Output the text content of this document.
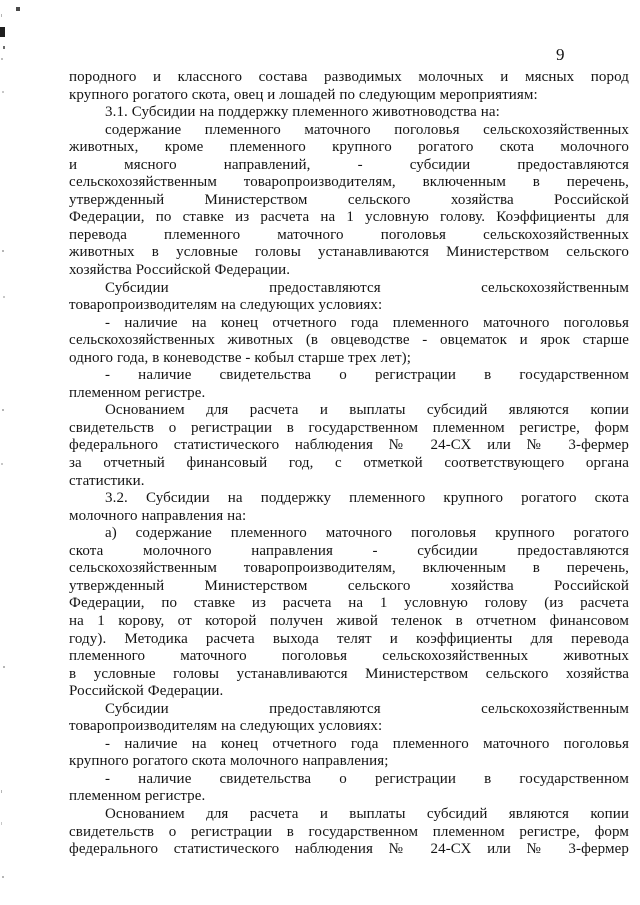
9
породного и классного состава разводимых молочных и мясных пород
крупного рогатого скота, овец и лошадей по следующим мероприятиям:
3.1. Субсидии на поддержку племенного животноводства на:
содержание племенного маточного поголовья сельскохозяйственных
животных, кроме племенного крупного рогатого скота молочного
и мясного направлений, - субсидии предоставляются
сельскохозяйственным товаропроизводителям, включенным в перечень,
утвержденный Министерством сельского хозяйства Российской
Федерации, по ставке из расчета на 1 условную голову. Коэффициенты для
перевода племенного маточного поголовья сельскохозяйственных
животных в условные головы устанавливаются Министерством сельского
хозяйства Российской Федерации.
Субсидии предоставляются сельскохозяйственным
товаропроизводителям на следующих условиях:
- наличие на конец отчетного года племенного маточного поголовья
сельскохозяйственных животных (в овцеводстве - овцематок и ярок старше
одного года, в коневодстве - кобыл старше трех лет);
- наличие свидетельства о регистрации в государственном
племенном регистре.
Основанием для расчета и выплаты субсидий являются копии
свидетельств о регистрации в государственном племенном регистре, форм
федерального статистического наблюдения № 24-СХ или № 3-фермер
за отчетный финансовый год, с отметкой соответствующего органа
статистики.
3.2. Субсидии на поддержку племенного крупного рогатого скота
молочного направления на:
а) содержание племенного маточного поголовья крупного рогатого
скота молочного направления - субсидии предоставляются
сельскохозяйственным товаропроизводителям, включенным в перечень,
утвержденный Министерством сельского хозяйства Российской
Федерации, по ставке из расчета на 1 условную голову (из расчета
на 1 корову, от которой получен живой теленок в отчетном финансовом
году). Методика расчета выхода телят и коэффициенты для перевода
племенного маточного поголовья сельскохозяйственных животных
в условные головы устанавливаются Министерством сельского хозяйства
Российской Федерации.
Субсидии предоставляются сельскохозяйственным
товаропроизводителям на следующих условиях:
- наличие на конец отчетного года племенного маточного поголовья
крупного рогатого скота молочного направления;
- наличие свидетельства о регистрации в государственном
племенном регистре.
Основанием для расчета и выплаты субсидий являются копии
свидетельств о регистрации в государственном племенном регистре, форм
федерального статистического наблюдения № 24-СХ или № 3-фермер
